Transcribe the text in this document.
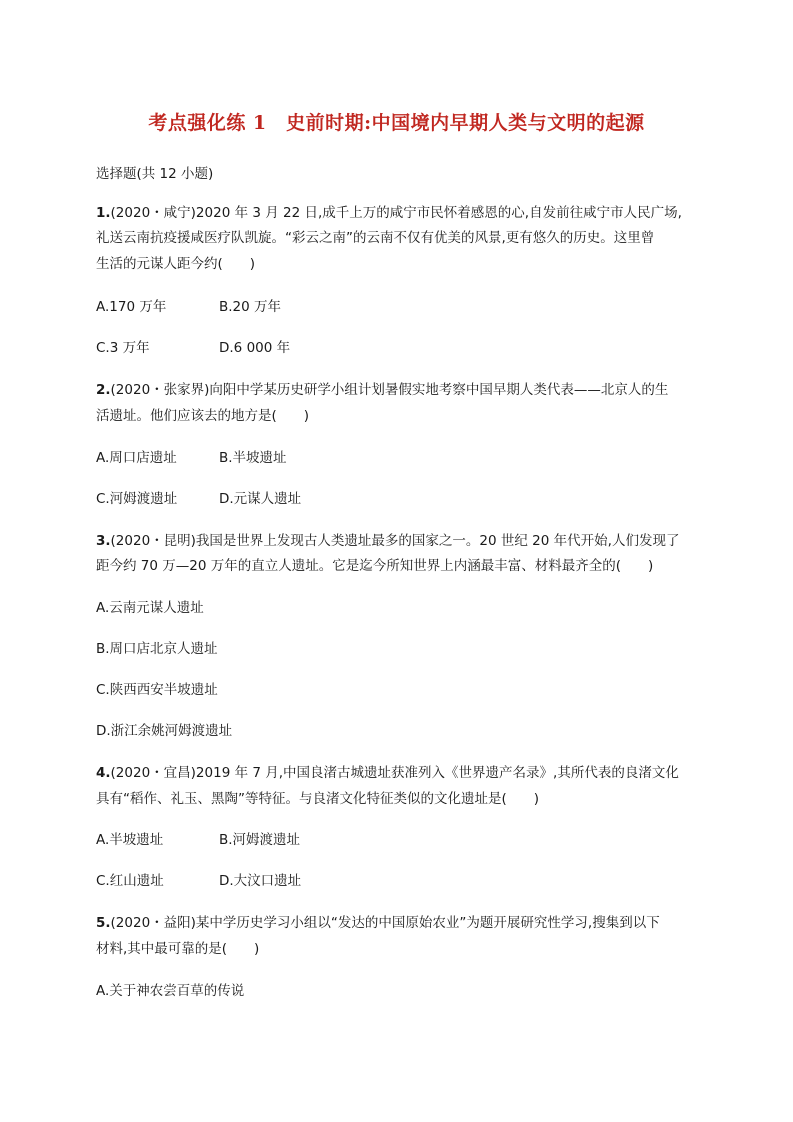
考点强化练 1　史前时期:中国境内早期人类与文明的起源
选择题(共 12 小题)
1.(2020・咸宁)2020 年 3 月 22 日,成千上万的咸宁市民怀着感恩的心,自发前往咸宁市人民广场,
礼送云南抗疫援咸医疗队凯旋。“彩云之南”的云南不仅有优美的风景,更有悠久的历史。这里曾
生活的元谋人距今约(　　)
A.170 万年	B.20 万年
C.3 万年	D.6 000 年
2.(2020・张家界)向阳中学某历史研学小组计划暑假实地考察中国早期人类代表——北京人的生
活遗址。他们应该去的地方是(　　)
A.周口店遗址	B.半坡遗址
C.河姆渡遗址	D.元谋人遗址
3.(2020・昆明)我国是世界上发现古人类遗址最多的国家之一。20 世纪 20 年代开始,人们发现了
距今约 70 万—20 万年的直立人遗址。它是迄今所知世界上内涵最丰富、材料最齐全的(　　)
A.云南元谋人遗址
B.周口店北京人遗址
C.陕西西安半坡遗址
D.浙江余姚河姆渡遗址
4.(2020・宜昌)2019 年 7 月,中国良渚古城遗址获准列入《世界遗产名录》,其所代表的良渚文化
具有“稻作、礼玉、黑陶”等特征。与良渚文化特征类似的文化遗址是(　　)
A.半坡遗址	B.河姆渡遗址
C.红山遗址	D.大汶口遗址
5.(2020・益阳)某中学历史学习小组以“发达的中国原始农业”为题开展研究性学习,搜集到以下
材料,其中最可靠的是(　　)
A.关于神农尝百草的传说
